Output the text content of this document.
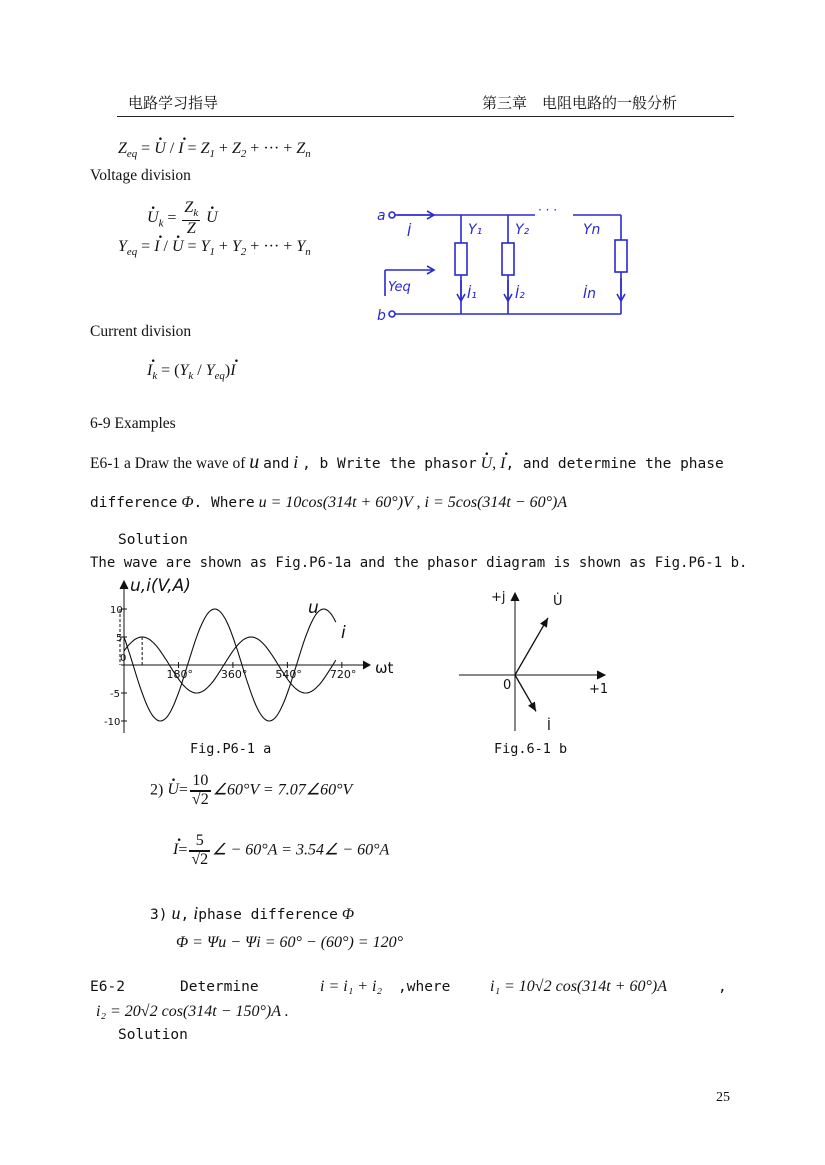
电路学习指导	第三章　电阻电路的一般分析
$Z_{eq}$ = · U / · $I = Z_1 + Z_2$ + ··· + $Z_n$
Voltage division
· $U_k = \frac{Z_k}{Z}$
· U
$Y_{eq}$ = · I / · $U = Y_1 + Y_2$ + ··· + $Y_n$
a
b
İ
Yeq
Y₁ Y₂	Yn
İ₁	İ₂	İn
· · ·
Current division
· $I_k = (Y_k / Y_{eq})\cdot I$
6-9 Examples
E6-1 a Draw the wave of u and i , b Write the phasor · U, · I, and determine the phase
difference Φ. Where u = 10cos(314t + 60°)V , i = 5cos(314t − 60°)A
Solution
The wave are shown as Fig.P6-1a and the phasor diagram is shown as Fig.P6-1 b.
180°	360°	540°	720°
10
5
0
-5
-10
u,i(V,A)
u
i
ωt
Fig.P6-1 a
+j
+1
0
U̇
İ
Fig.6-1 b
$2) \cdot U= \frac{10}{√2}$ ∠60°V = 7.07∠60°V
· $I= \frac{5}{√2}$ ∠ − 60°A = 3.54∠ − 60°A
3) u, iphase difference Φ
Φ = Ψu − Ψi = 60° − (60°) = 120°
E6-2	Determine	i = i₁ + i₂ ,where i₁ = 10√2 cos(314t + 60°)A	,
i₂ = 20√2 cos(314t − 150°)A .
Solution
25
